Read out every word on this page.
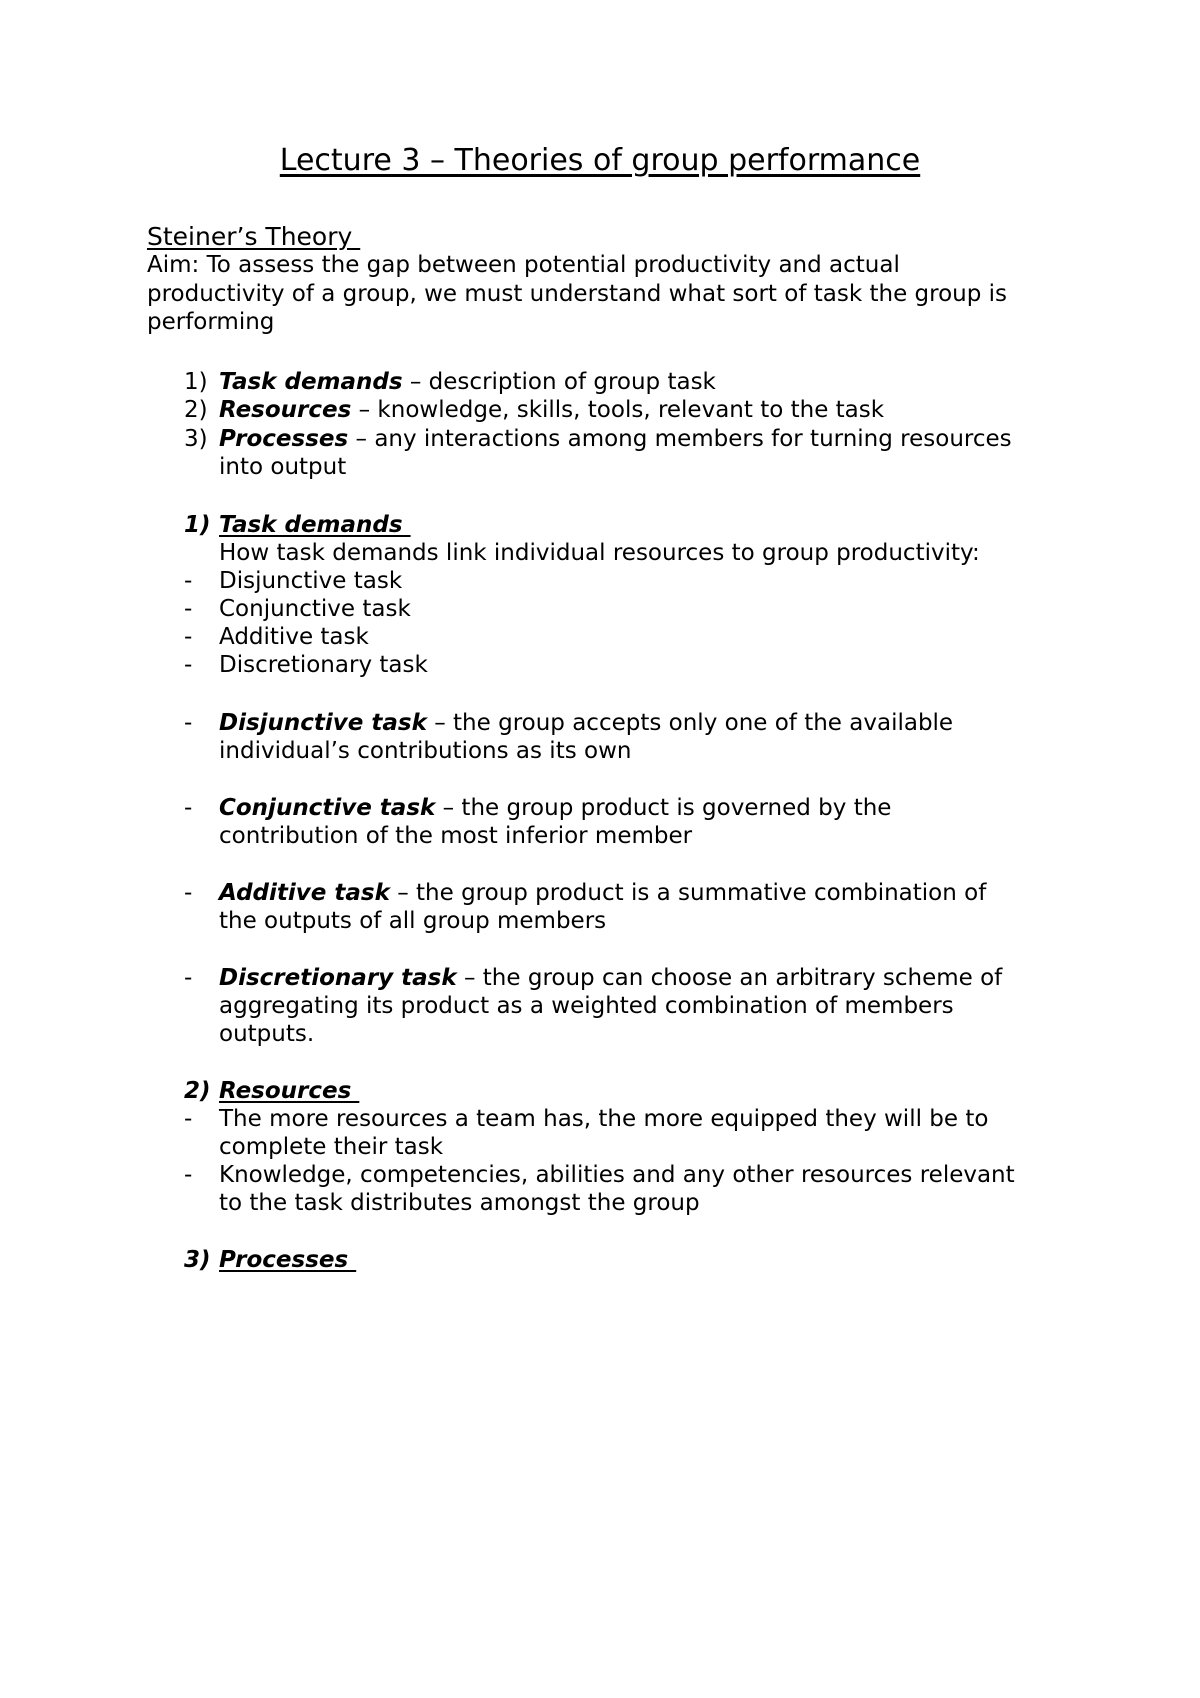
Lecture 3 – Theories of group performance
Steiner’s Theory

Aim: To assess the gap between potential productivity and actual

productivity of a group, we must understand what sort of task the group is

performing

1) Task demands – description of group task
2) Resources – knowledge, skills, tools, relevant to the task
3) Processes – any interactions among members for turning resources
into output
1) Task demands
How task demands link individual resources to group productivity:
- Disjunctive task
- Conjunctive task
- Additive task
- Discretionary task
- Disjunctive task – the group accepts only one of the available
individual’s contributions as its own
- Conjunctive task – the group product is governed by the
contribution of the most inferior member
- Additive task – the group product is a summative combination of
the outputs of all group members
- Discretionary task – the group can choose an arbitrary scheme of
aggregating its product as a weighted combination of members
outputs.
2) Resources
- The more resources a team has, the more equipped they will be to
complete their task
- Knowledge, competencies, abilities and any other resources relevant
to the task distributes amongst the group
3) Processes
